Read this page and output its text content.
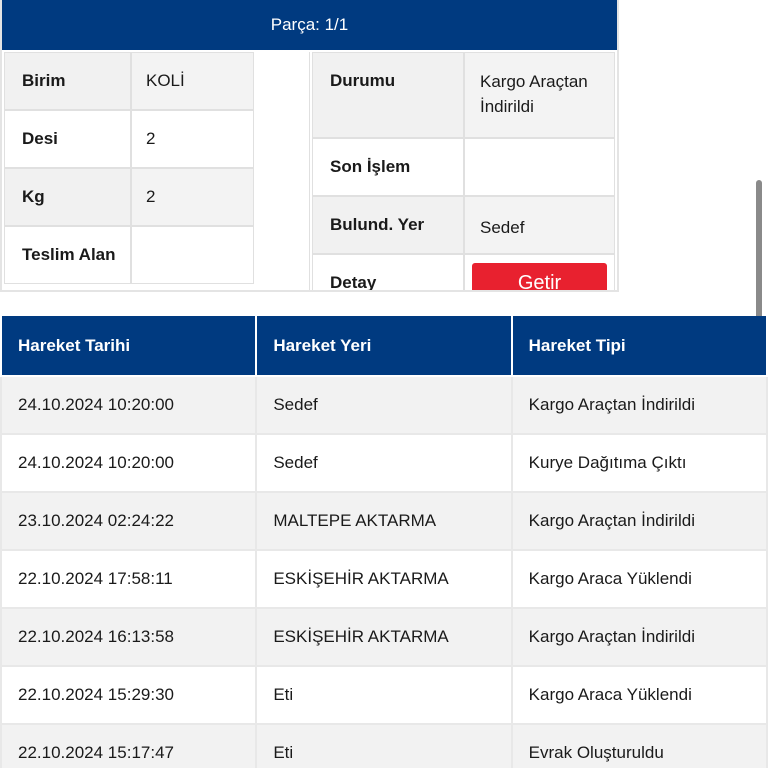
Parça: 1/1
Birim	KOLİ
Desi	2
Kg	2
Teslim Alan
Durumu	Kargo Araçtan İndirildi
Son İşlem
Bulund. Yer	Sedef
Detay	Getir
Hareket Tarihi	Hareket Yeri	Hareket Tipi
24.10.2024 10:20:00	Sedef	Kargo Araçtan İndirildi
24.10.2024 10:20:00	Sedef	Kurye Dağıtıma Çıktı
23.10.2024 02:24:22	MALTEPE AKTARMA	Kargo Araçtan İndirildi
22.10.2024 17:58:11	ESKİŞEHİR AKTARMA	Kargo Araca Yüklendi
22.10.2024 16:13:58	ESKİŞEHİR AKTARMA	Kargo Araçtan İndirildi
22.10.2024 15:29:30	Eti	Kargo Araca Yüklendi
22.10.2024 15:17:47	Eti	Evrak Oluşturuldu
